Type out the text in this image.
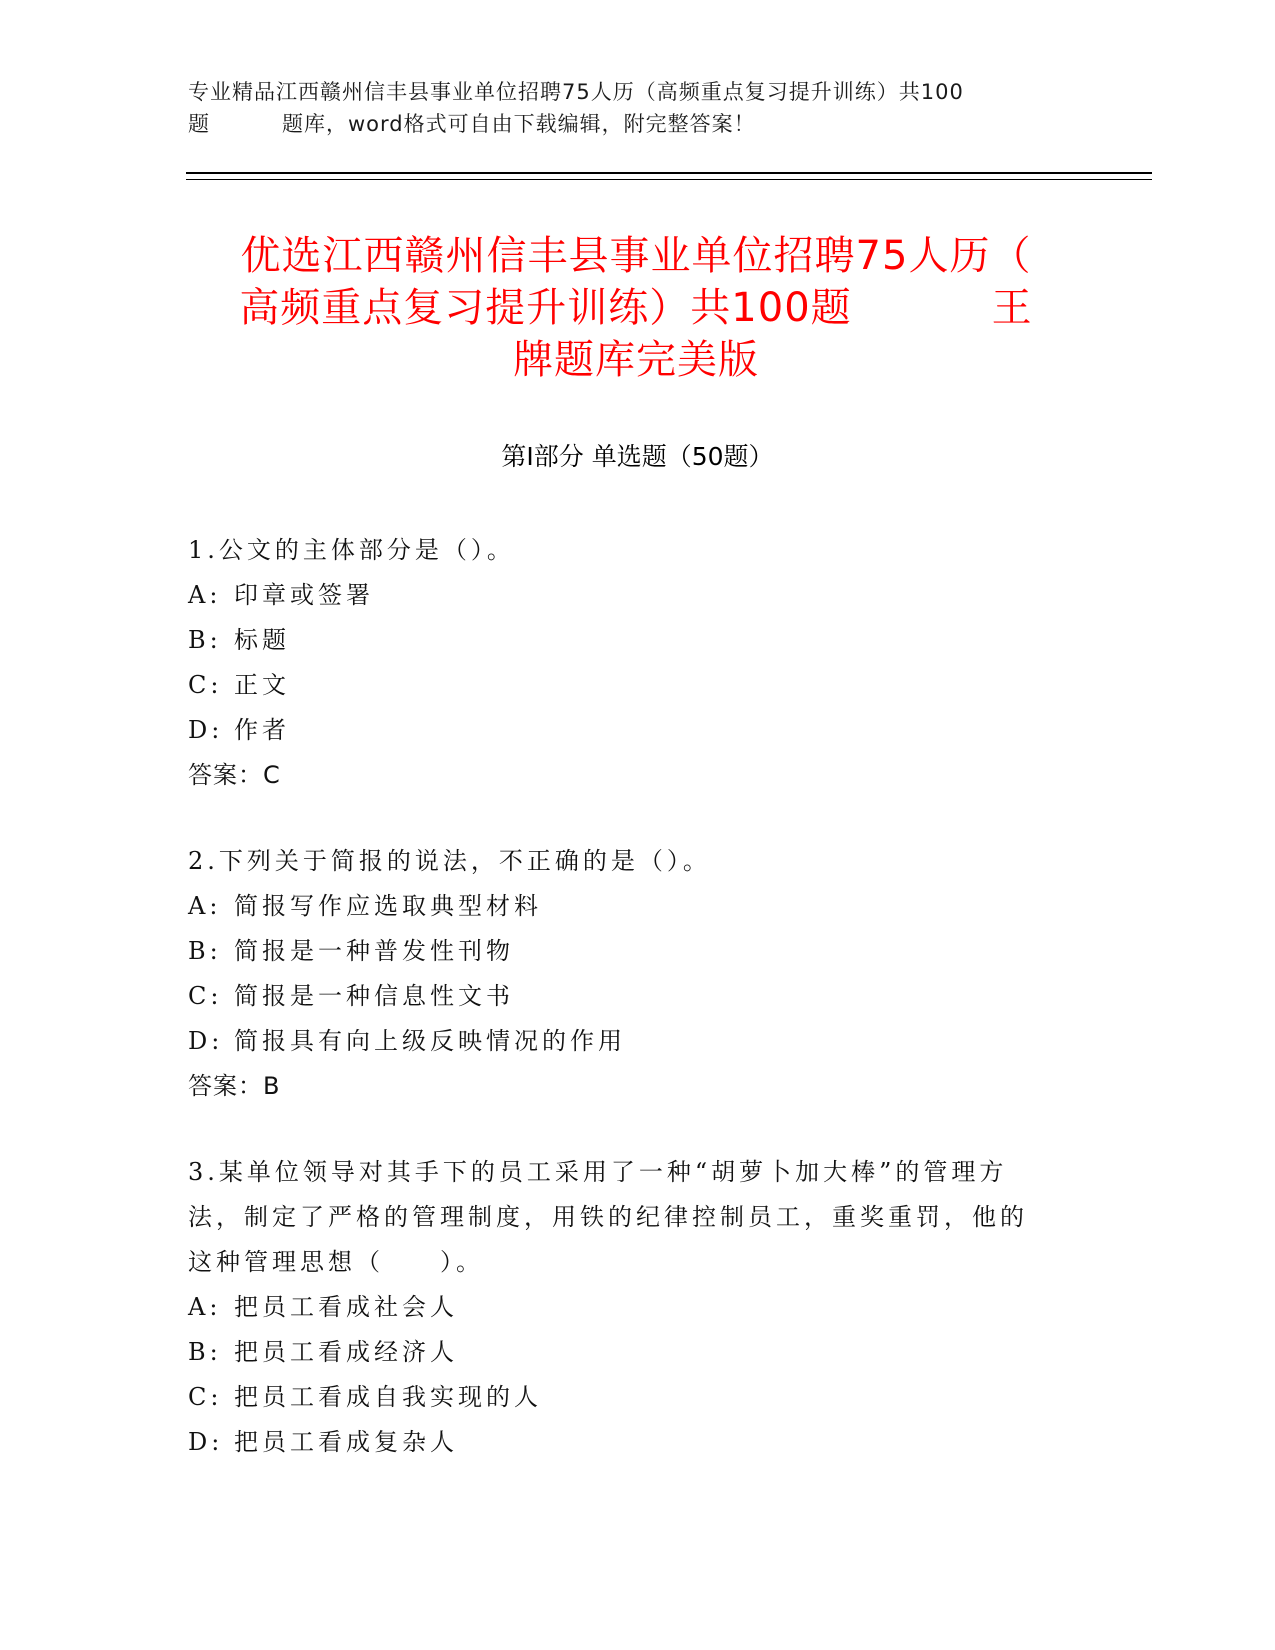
专业精品江西赣州信丰县事业单位招聘75人历（高频重点复习提升训练）共100
题	题库，word格式可自由下载编辑，附完整答案！
优选江西赣州信丰县事业单位招聘75人历（
高频重点复习提升训练）共100题	王
牌题库完美版
第Ⅰ部分 单选题（50题）
1.公文的主体部分是（）。
A: 印章或签署
B: 标题
C: 正文
D: 作者
答案：C
2.下列关于简报的说法，不正确的是（）。
A: 简报写作应选取典型材料
B: 简报是一种普发性刊物
C: 简报是一种信息性文书
D: 简报具有向上级反映情况的作用
答案：B
3.某单位领导对其手下的员工采用了一种“胡萝卜加大棒”的管理方
法，制定了严格的管理制度，用铁的纪律控制员工，重奖重罚，他的
这种管理思想（　　）。
A: 把员工看成社会人
B: 把员工看成经济人
C: 把员工看成自我实现的人
D: 把员工看成复杂人
